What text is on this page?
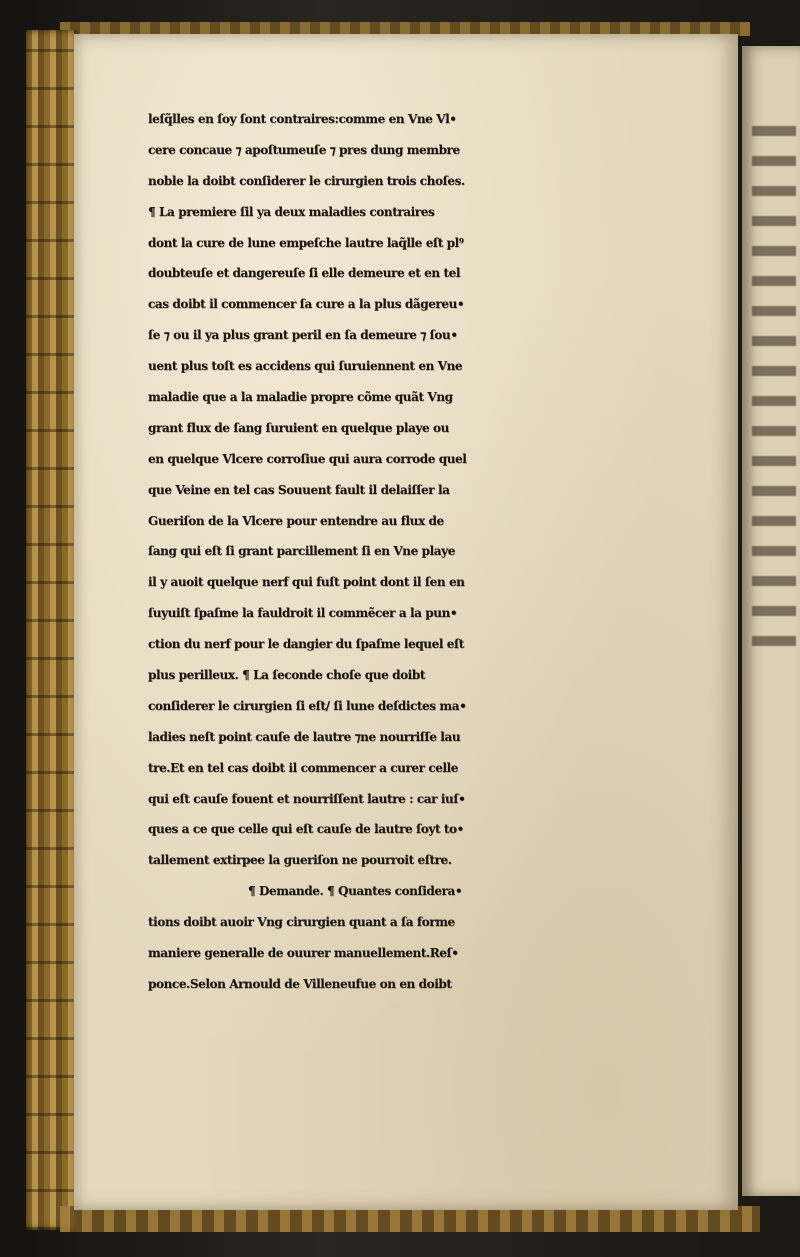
leſq̃lles en ſoy ſont contraires:comme en Vne Vl•
cere concaue ⁊ apoſtumeuſe ⁊ pres dung membre
noble la doibt conſiderer le cirurgien trois choſes.
¶ La premiere ſil ya deux maladies contraires
dont la cure de lune empeſche lautre laq̃lle eſt pl⁹
doubteuſe et dangereuſe ſi elle demeure et en tel
cas doibt il commencer ſa cure a la plus dãgereu•
ſe ⁊ ou il ya plus grant peril en ſa demeure ⁊ ſou•
uent plus toſt es accidens qui ſuruiennent en Vne
maladie que a la maladie propre cõme quãt Vng
grant flux de ſang ſuruient en quelque playe ou
en quelque Vlcere corroſiue qui aura corrode quel
que Veine en tel cas Souuent fault il delaiſſer la
Gueriſon de la Vlcere pour entendre au flux de
ſang qui eſt ſi grant parcillement ſi en Vne playe
il y auoit quelque nerf qui fuſt point dont il ſen en
ſuyuiſt ſpaſme la fauldroit il commẽcer a la pun•
ction du nerf pour le dangier du ſpaſme lequel eſt
plus perilleux. ¶ La ſeconde choſe que doibt
conſiderer le cirurgien ſi eſt/ ſi lune deſdictes ma•
ladies neſt point cauſe de lautre ⁊ne nourriſſe lau
tre.Et en tel cas doibt il commencer a curer celle
qui eſt cauſe fouent et nourriſſent lautre : car iuſ•
ques a ce que celle qui eſt cauſe de lautre ſoyt to•
tallement extirpee la gueriſon ne pourroit eſtre.
¶ Demande. ¶ Quantes conſidera•
tions doibt auoir Vng cirurgien quant a ſa forme
maniere generalle de ouurer manuellement.Reſ•
ponce.Selon Arnould de Villeneufue on en doibt
